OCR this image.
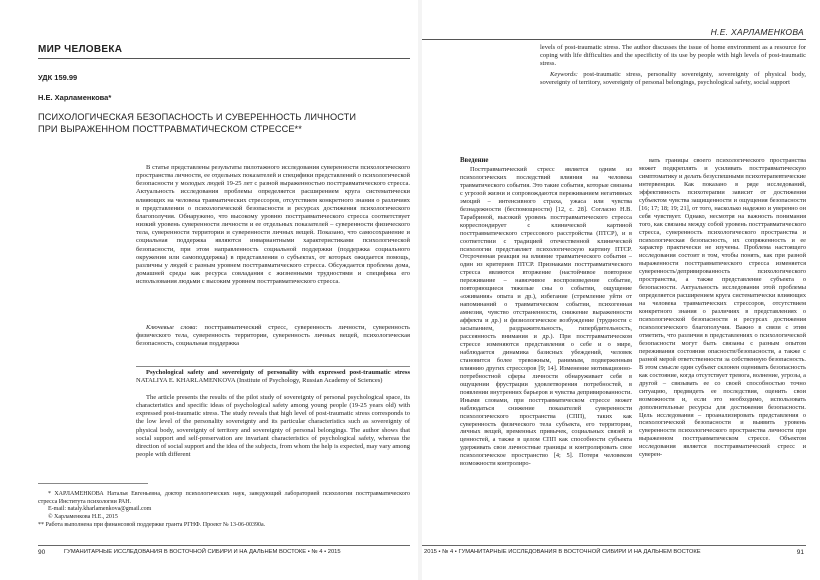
МИР ЧЕЛОВЕКА
УДК 159.99
Н.Е. Харламенкова*
ПСИХОЛОГИЧЕСКАЯ БЕЗОПАСНОСТЬ И СУВЕРЕННОСТЬ ЛИЧНОСТИ
ПРИ ВЫРАЖЕННОМ ПОСТТРАВМАТИЧЕСКОМ СТРЕССЕ**

В статье представлены результаты пилотажного исследования суверенности психологического пространства личности, ее отдельных показателей и специфики представлений о психологической безопасности у молодых людей 19-25 лет с разной выраженностью посттравматического стресса. Актуальность исследования проблемы определяется расширением круга систематически влияющих на человека травматических стрессоров, отсутствием конкретного знания о различиях в представлении о психологической безопасности и ресурсах достижения психологического благополучия. Обнаружено, что высокому уровню посттравматического стресса соответствует низкий уровень суверенности личности и ее отдельных показателей – суверенности физического тела, суверенности территории и суверенности личных вещей. Показано, что самосохранение и социальная поддержка являются инвариантными характеристиками психологической безопасности, при этом направленность социальной поддержки (поддержка социального окружения или самоподдержка) в представлении о субъектах, от которых ожидается помощь, различны у людей с разным уровнем посттравматического стресса. Обсуждается проблема дома, домашней среды как ресурса совладания с жизненными трудностями и специфика его использования людьми с высоким уровнем посттравматического стресса.

Ключевые слова: посттравматический стресс, суверенность личности, суверенность физического тела, суверенность территории, суверенность личных вещей, психологическая безопасность, социальная поддержка

Psychological safety and sovereignty of personality with expressed post-traumatic stress NATALIYA E. KHARLAMENKOVA (Institute of Psychology, Russian Academy of Sciences)

The article presents the results of the pilot study of sovereignty of personal psychological space, its characteristics and specific ideas of psychological safety among young people (19-25 years old) with expressed post-traumatic stress. The study reveals that high level of post-traumatic stress corresponds to the low level of the personality sovereignty and its particular characteristics such as sovereignty of physical body, sovereignty of territory and sovereignty of personal belongings. The author shows that social support and self-preservation are invariant characteristics of psychological safety, whereas the direction of social support and the idea of the subjects, from whom the help is expected, may vary among people with different

* ХАРЛАМЕНКОВА Наталья Евгеньевна, доктор психологических наук, заведующий лабораторией психологии посттравматического стресса Института психологии РАН.

E-mail: nataly.kharlamenkova@gmail.com
© Харламенкова Н.Е., 2015
** Работа выполнена при финансовой поддержке гранта РГНФ. Проект № 13-06-00390а.
90	ГУМАНИТАРНЫЕ ИССЛЕДОВАНИЯ В ВОСТОЧНОЙ СИБИРИ И НА ДАЛЬНЕМ ВОСТОКЕ • № 4 • 2015
Н.Е. ХАРЛАМЕНКОВА

levels of post-traumatic stress. The author discusses the issue of home environment as a resource for coping with life difficulties and the specificity of its use by people with high levels of post-traumatic stress.

Keywords: post-traumatic stress, personality sovereignty, sovereignty of physical body, sovereignty of territory, sovereignty of personal belongings, psychological safety, social support

Введение

Посттравматический стресс является одним из психологических последствий влияния на человека травматического события. Это такие события, которые связаны с угрозой жизни и сопровождаются переживанием негативных эмоций – интенсивного страха, ужаса или чувства безнадежности (беспомощности) [12, с. 28]. Согласно Н.В. Тарабриной, высокий уровень посттравматического стресса корреспондирует с клинической картиной посттравматического стрессового расстройства (ПТСР), и в соответствии с традицией отечественной клинической психологии представляет психологическую картину ПТСР. Отсроченная реакция на влияние травматического события – один из критериев ПТСР. Признаками посттравматического стресса являются вторжение (настойчивое повторное переживание – навязчивое воспроизведение событие, повторяющиеся тяжелые сны о событии, ощущение «оживания» опыта и др.), избегание (стремление уйти от напоминаний о травматическом событии, психогенная амнезия, чувство отстраненности, снижение выраженности аффекта и др.) и физиологическое возбуждение (трудности с засыпанием, раздражительность, гипербдительность, рассеянность внимания и др.). При посттравматическом стрессе изменяются представления о себе и о мире, наблюдается динамика базисных убеждений, человек становится более тревожным, ранимым, подверженным влиянию других стрессоров [9; 14]. Изменение мотивационно-потребностной сферы личности обнаруживает себя в ощущении фрустрации удовлетворения потребностей, в появлении внутренних барьеров и чувства депривированности. Иными словами, при посттравматическом стрессе может наблюдаться снижение показателей суверенности психологического пространства (СПП), таких как суверенность физического тела субъекта, его территории, личных вещей, временных привычек, социальных связей и ценностей, а также в целом СПП как способности субъекта удерживать свои личностные границы и контролировать свое психологическое пространство [4; 5]. Потеря человеком возможности контролиро-

вать границы своего психологического пространства может подкреплять и усиливать посттравматическую симптоматику и делать безуспешными психотерапевтические интервенции. Как показано в ряде исследований, эффективность психотерапии зависит от достижения субъектом чувства защищенности и ощущения безопасности [16; 17; 18; 19; 21], от того, насколько надежно и уверенно он себя чувствует. Однако, несмотря на важность понимания того, как связаны между собой уровень посттравматического стресса, суверенность психологического пространства и психологическая безопасность, их сопряженность и ее характер практически не изучены. Проблема настоящего исследования состоит в том, чтобы понять, как при разной выраженности посттравматического стресса изменяется суверенность/депривированность психологического пространства, а также представление субъекта о безопасности. Актуальность исследования этой проблемы определяется расширением круга систематически влияющих на человека травматических стрессоров, отсутствием конкретного знания о различиях в представлениях о психологической безопасности и ресурсах достижения психологического благополучия. Важно в связи с этим отметить, что различия в представлениях о психологической безопасности могут быть связаны с разным опытом переживания состояния опасности/безопасности, а также с разной мерой ответственности за собственную безопасность. В этом смысле один субъект склонен оценивать безопасность как состояние, когда отсутствует тревога, волнение, угрозы, а другой – связывать ее со своей способностью точно ситуацию, предвидеть ее последствия, оценить свои возможности и, если это необходимо, использовать дополнительные ресурсы для достижения безопасности. Цель исследования – проанализировать представления о психологической безопасности и выявить уровень суверенности психологического пространства личности при выраженном посттравматическом стрессе. Объектом исследования является посттравматический стресс и суверен-

2015 • № 4 • ГУМАНИТАРНЫЕ ИССЛЕДОВАНИЯ В ВОСТОЧНОЙ СИБИРИ И НА ДАЛЬНЕМ ВОСТОКЕ	91
